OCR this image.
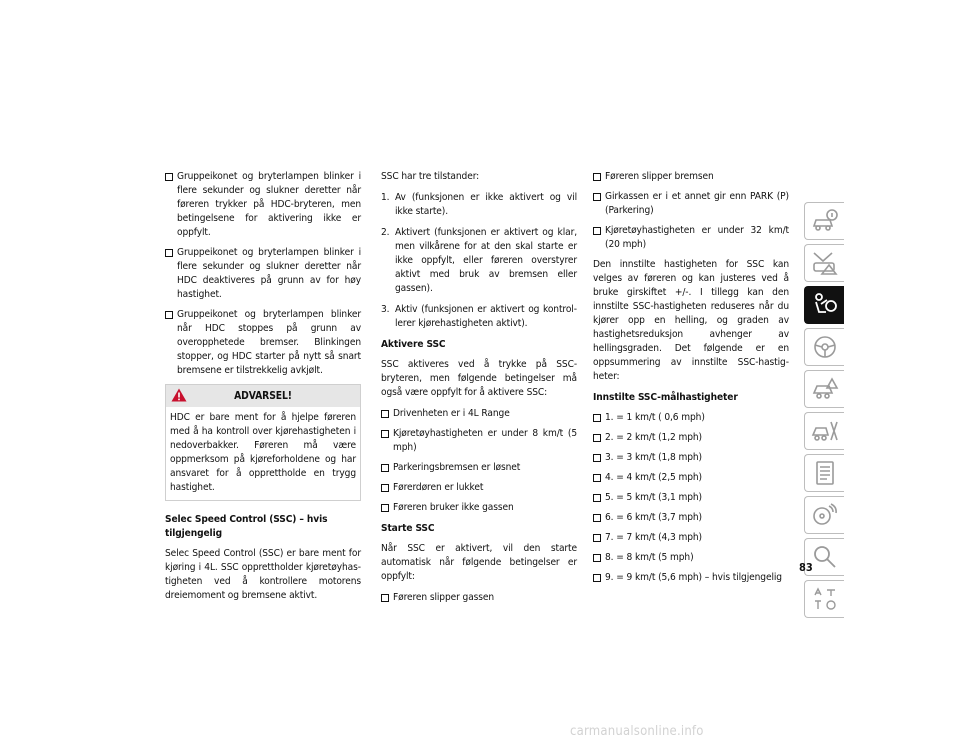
Gruppeikonet og bryterlampen blinker i flere sekunder og slukner deretter når føreren trykker på HDC-bryteren, men betingelsene for aktivering ikke er oppfylt.
Gruppeikonet og bryterlampen blinker i flere sekunder og slukner deretter når HDC deaktiveres på grunn av for høy hastighet.
Gruppeikonet og bryterlampen blinker når HDC stoppes på grunn av overopphetede bremser. Blinkingen stopper, og HDC starter på nytt så snart bremsene er tilstrekkelig avkjølt.
ADVARSEL!
HDC er bare ment for å hjelpe føreren med å ha kontroll over kjørehastigheten i nedoverbakker. Føreren må være oppmerksom på kjøreforholdene og har ansvaret for å opprettholde en trygg hastighet.
Selec Speed Control (SSC) – hvis tilgjengelig
Selec Speed Control (SSC) er bare ment for kjøring i 4L. SSC opprettholder kjøretøyhastigheten ved å kontrollere motorens dreiemoment og bremsene aktivt.
SSC har tre tilstander:
1. Av (funksjonen er ikke aktivert og vil ikke starte).
2. Aktivert (funksjonen er aktivert og klar, men vilkårene for at den skal starte er ikke oppfylt, eller føreren overstyrer aktivt med bruk av bremsen eller gassen).
3. Aktiv (funksjonen er aktivert og kontrollerer kjørehastigheten aktivt).
Aktivere SSC
SSC aktiveres ved å trykke på SSC-bryteren, men følgende betingelser må også være oppfylt for å aktivere SSC:
Drivenheten er i 4L Range
Kjøretøyhastigheten er under 8 km/t (5 mph)
Parkeringsbremsen er løsnet
Førerdøren er lukket
Føreren bruker ikke gassen
Starte SSC
Når SSC er aktivert, vil den starte automatisk når følgende betingelser er oppfylt:
Føreren slipper gassen
Føreren slipper bremsen
Girkassen er i et annet gir enn PARK (P) (Parkering)
Kjøretøyhastigheten er under 32 km/t (20 mph)
Den innstilte hastigheten for SSC kan velges av føreren og kan justeres ved å bruke girskiftet +/-. I tillegg kan den innstilte SSC-hastigheten reduseres når du kjører opp en helling, og graden av hastighetsreduksjon avhenger av hellingsgraden. Det følgende er en oppsummering av innstilte SSC-hastigheter:
Innstilte SSC-målhastigheter
1. = 1 km/t ( 0,6 mph)
2. = 2 km/t (1,2 mph)
3. = 3 km/t (1,8 mph)
4. = 4 km/t (2,5 mph)
5. = 5 km/t (3,1 mph)
6. = 6 km/t (3,7 mph)
7. = 7 km/t (4,3 mph)
8. = 8 km/t (5 mph)
9. = 9 km/t (5,6 mph) – hvis tilgjengelig
83
carmanualsonline.info
